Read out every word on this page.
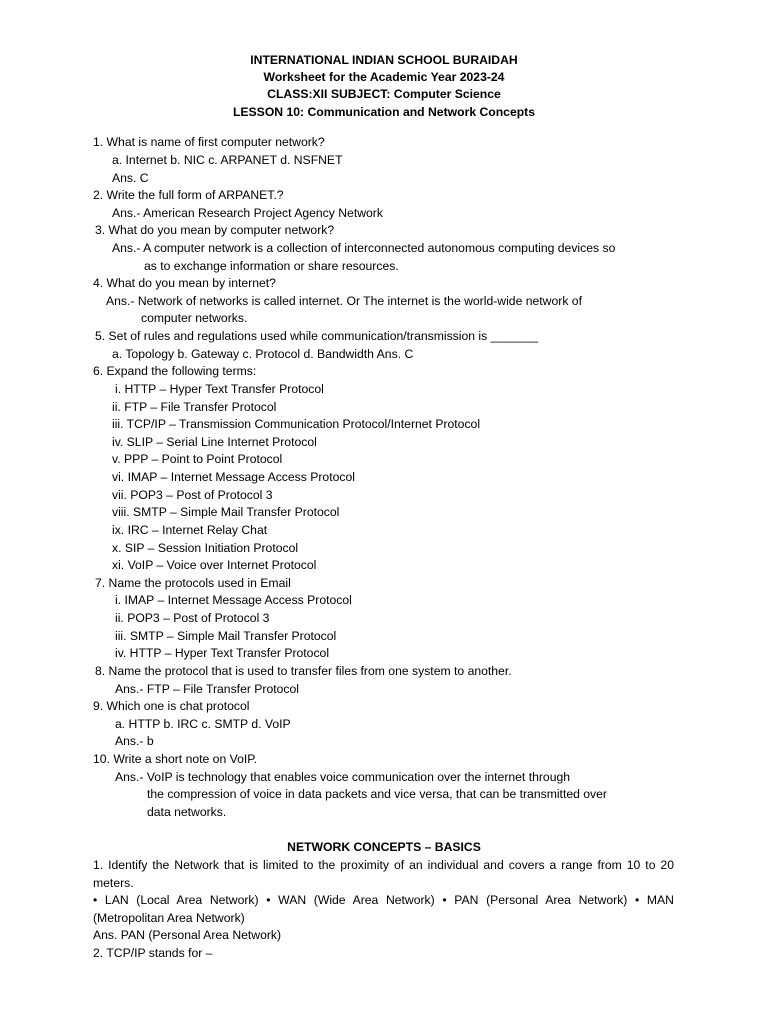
INTERNATIONAL INDIAN SCHOOL BURAIDAH
Worksheet for the Academic Year 2023-24
CLASS:XII SUBJECT: Computer Science
LESSON 10: Communication and Network Concepts
1. What is name of first computer network?
a. Internet b. NIC c. ARPANET d. NSFNET
Ans. C
2. Write the full form of ARPANET.?
Ans.- American Research Project Agency Network
3. What do you mean by computer network?
Ans.- A computer network is a collection of interconnected autonomous computing devices so
as to exchange information or share resources.
4. What do you mean by internet?
Ans.- Network of networks is called internet. Or The internet is the world-wide network of
computer networks.
5. Set of rules and regulations used while communication/transmission is _______
a. Topology b. Gateway c. Protocol d. Bandwidth Ans. C
6. Expand the following terms:
i. HTTP – Hyper Text Transfer Protocol
ii. FTP – File Transfer Protocol
iii. TCP/IP – Transmission Communication Protocol/Internet Protocol
iv. SLIP – Serial Line Internet Protocol
v. PPP – Point to Point Protocol
vi. IMAP – Internet Message Access Protocol
vii. POP3 – Post of Protocol 3
viii. SMTP – Simple Mail Transfer Protocol
ix. IRC – Internet Relay Chat
x. SIP – Session Initiation Protocol
xi. VoIP – Voice over Internet Protocol
7. Name the protocols used in Email
i. IMAP – Internet Message Access Protocol
ii. POP3 – Post of Protocol 3
iii. SMTP – Simple Mail Transfer Protocol
iv. HTTP – Hyper Text Transfer Protocol
8. Name the protocol that is used to transfer files from one system to another.
Ans.- FTP – File Transfer Protocol
9. Which one is chat protocol
a. HTTP b. IRC c. SMTP d. VoIP
Ans.- b
10. Write a short note on VoIP.
Ans.- VoIP is technology that enables voice communication over the internet through
the compression of voice in data packets and vice versa, that can be transmitted over
data networks.
NETWORK CONCEPTS – BASICS
1. Identify the Network that is limited to the proximity of an individual and covers a range from 10 to 20 meters.
• LAN (Local Area Network) • WAN (Wide Area Network) • PAN (Personal Area Network) • MAN (Metropolitan Area Network)
Ans. PAN (Personal Area Network)
2. TCP/IP stands for –
